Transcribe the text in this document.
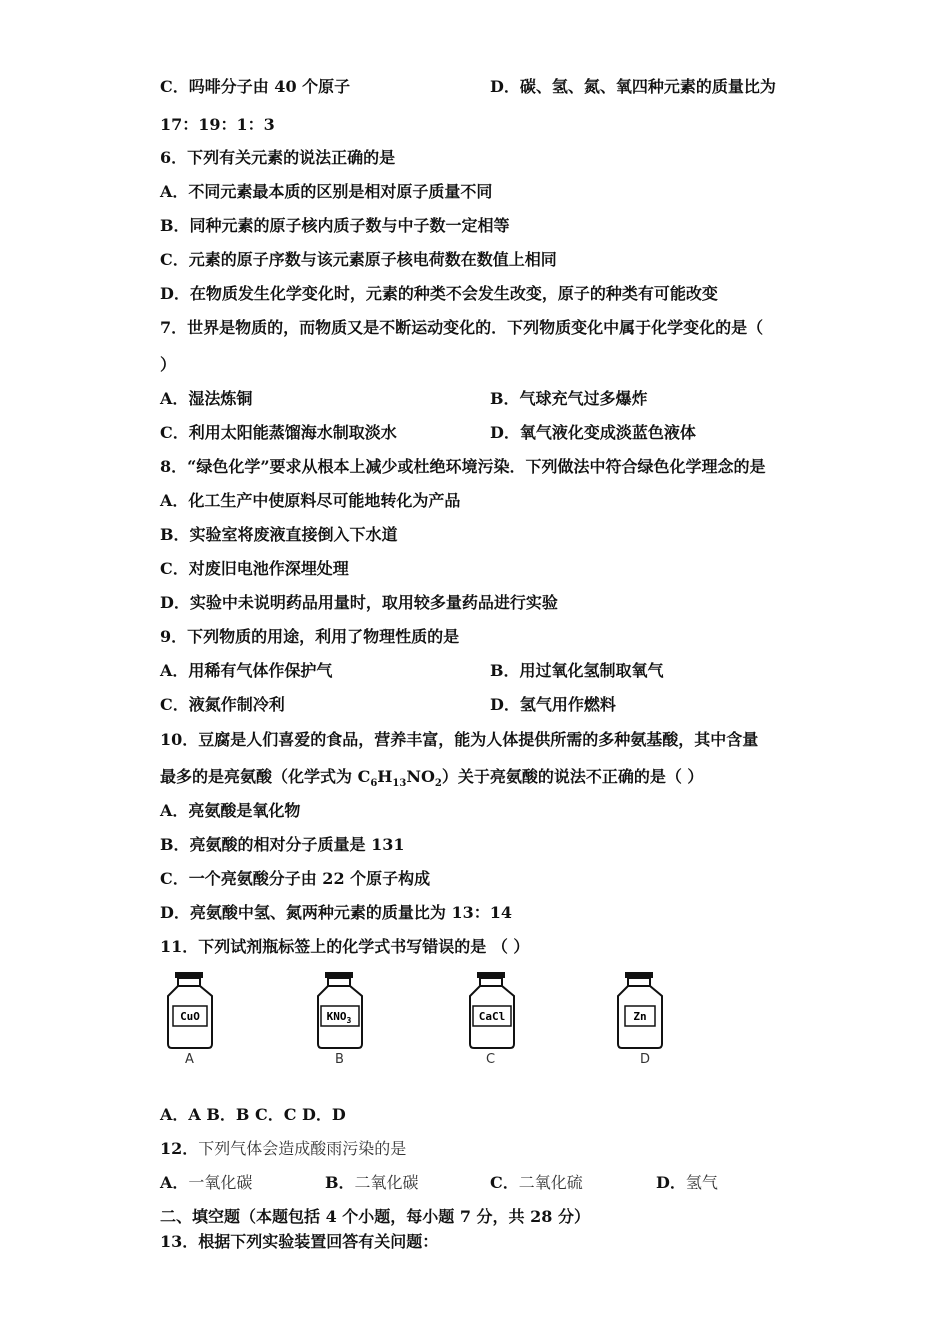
C．吗啡分子由 40 个原子	D．碳、氢、氮、氧四种元素的质量比为
17：19：1：3
6．下列有关元素的说法正确的是
A．不同元素最本质的区别是相对原子质量不同
B．同种元素的原子核内质子数与中子数一定相等
C．元素的原子序数与该元素原子核电荷数在数值上相同
D．在物质发生化学变化时，元素的种类不会发生改变，原子的种类有可能改变
7．世界是物质的，而物质又是不断运动变化的．下列物质变化中属于化学变化的是（
）
A．湿法炼铜	B．气球充气过多爆炸
C．利用太阳能蒸馏海水制取淡水	D．氧气液化变成淡蓝色液体
8．“绿色化学”要求从根本上减少或杜绝环境污染．下列做法中符合绿色化学理念的是
A．化工生产中使原料尽可能地转化为产品
B．实验室将废液直接倒入下水道
C．对废旧电池作深埋处理
D．实验中未说明药品用量时，取用较多量药品进行实验
9．下列物质的用途，利用了物理性质的是
A．用稀有气体作保护气	B．用过氧化氢制取氧气
C．液氮作制冷利	D．氢气用作燃料
10．豆腐是人们喜爱的食品，营养丰富，能为人体提供所需的多种氨基酸，其中含量
最多的是亮氨酸（化学式为 $C_6H_{13}NO_2$）关于亮氨酸的说法不正确的是（ ）
A．亮氨酸是氧化物
B．亮氨酸的相对分子质量是 131
C．一个亮氨酸分子由 22 个原子构成
D．亮氨酸中氢、氮两种元素的质量比为 13：14
11．下列试剂瓶标签上的化学式书写错误的是 （ ）
CuO
A
$KNO_3$
B
CaCl
C
Zn
D
A．A B．B C．C D．D
12．下列气体会造成酸雨污染的是
A．一氧化碳	B．二氧化碳	C．二氧化硫	D．氢气
二、填空题（本题包括 4 个小题，每小题 7 分，共 28 分）
13．根据下列实验装置回答有关问题：
